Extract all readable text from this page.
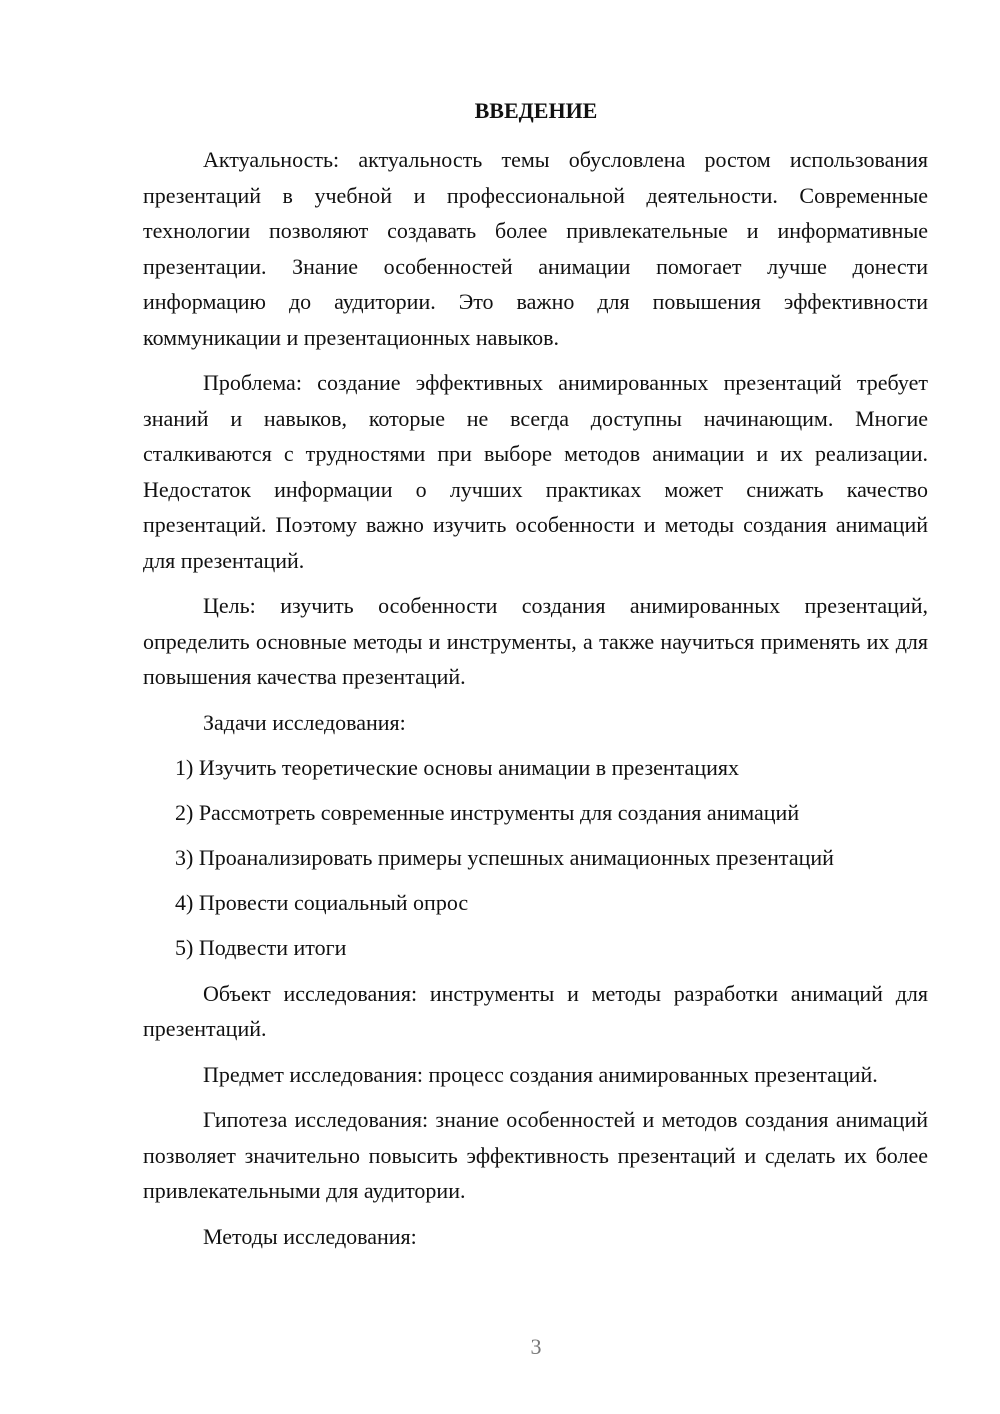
ВВЕДЕНИЕ

Актуальность: актуальность темы обусловлена ростом использования презентаций в учебной и профессиональной деятельности. Современные технологии позволяют создавать более привлекательные и информативные презентации. Знание особенностей анимации помогает лучше донести информацию до аудитории. Это важно для повышения эффективности коммуникации и презентационных навыков.

Проблема: создание эффективных анимированных презентаций требует знаний и навыков, которые не всегда доступны начинающим. Многие сталкиваются с трудностями при выборе методов анимации и их реализации. Недостаток информации о лучших практиках может снижать качество презентаций. Поэтому важно изучить особенности и методы создания анимаций для презентаций.

Цель: изучить особенности создания анимированных презентаций, определить основные методы и инструменты, а также научиться применять их для повышения качества презентаций.

Задачи исследования:

1) Изучить теоретические основы анимации в презентациях
2) Рассмотреть современные инструменты для создания анимаций
3) Проанализировать примеры успешных анимационных презентаций
4) Провести социальный опрос
5) Подвести итоги

Объект исследования: инструменты и методы разработки анимаций для презентаций.

Предмет исследования: процесс создания анимированных презентаций.

Гипотеза исследования: знание особенностей и методов создания анимаций позволяет значительно повысить эффективность презентаций и сделать их более привлекательными для аудитории.

Методы исследования:

3
